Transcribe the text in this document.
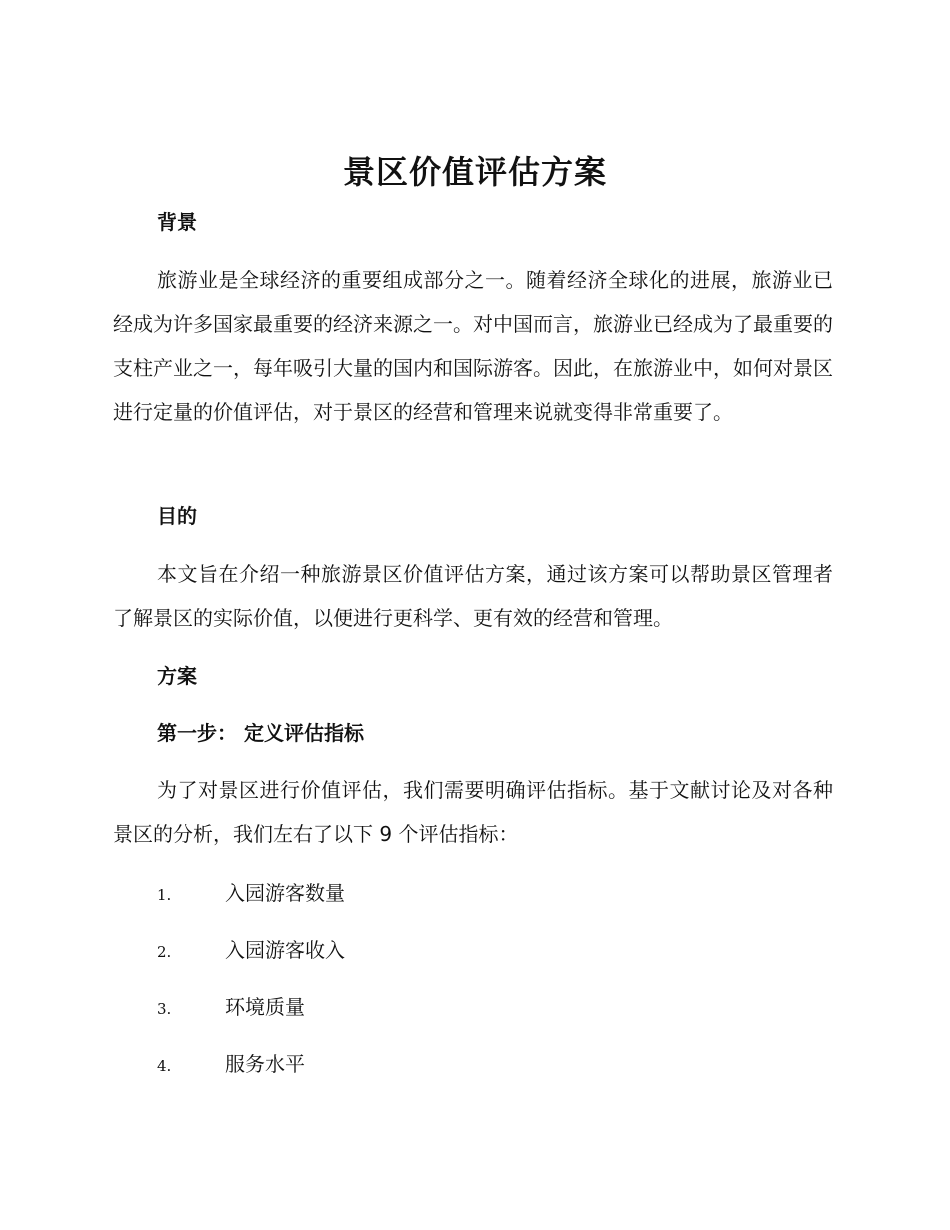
景区价值评估方案
背景
旅游业是全球经济的重要组成部分之一。随着经济全球化的进展，旅游业已经成为许多国家最重要的经济来源之一。对中国而言，旅游业已经成为了最重要的支柱产业之一，每年吸引大量的国内和国际游客。因此，在旅游业中，如何对景区进行定量的价值评估，对于景区的经营和管理来说就变得非常重要了。
目的
本文旨在介绍一种旅游景区价值评估方案，通过该方案可以帮助景区管理者了解景区的实际价值，以便进行更科学、更有效的经营和管理。
方案
第一步： 定义评估指标
为了对景区进行价值评估，我们需要明确评估指标。基于文献讨论及对各种景区的分析，我们左右了以下 9 个评估指标：
1.	入园游客数量
2.	入园游客收入
3.	环境质量
4.	服务水平
